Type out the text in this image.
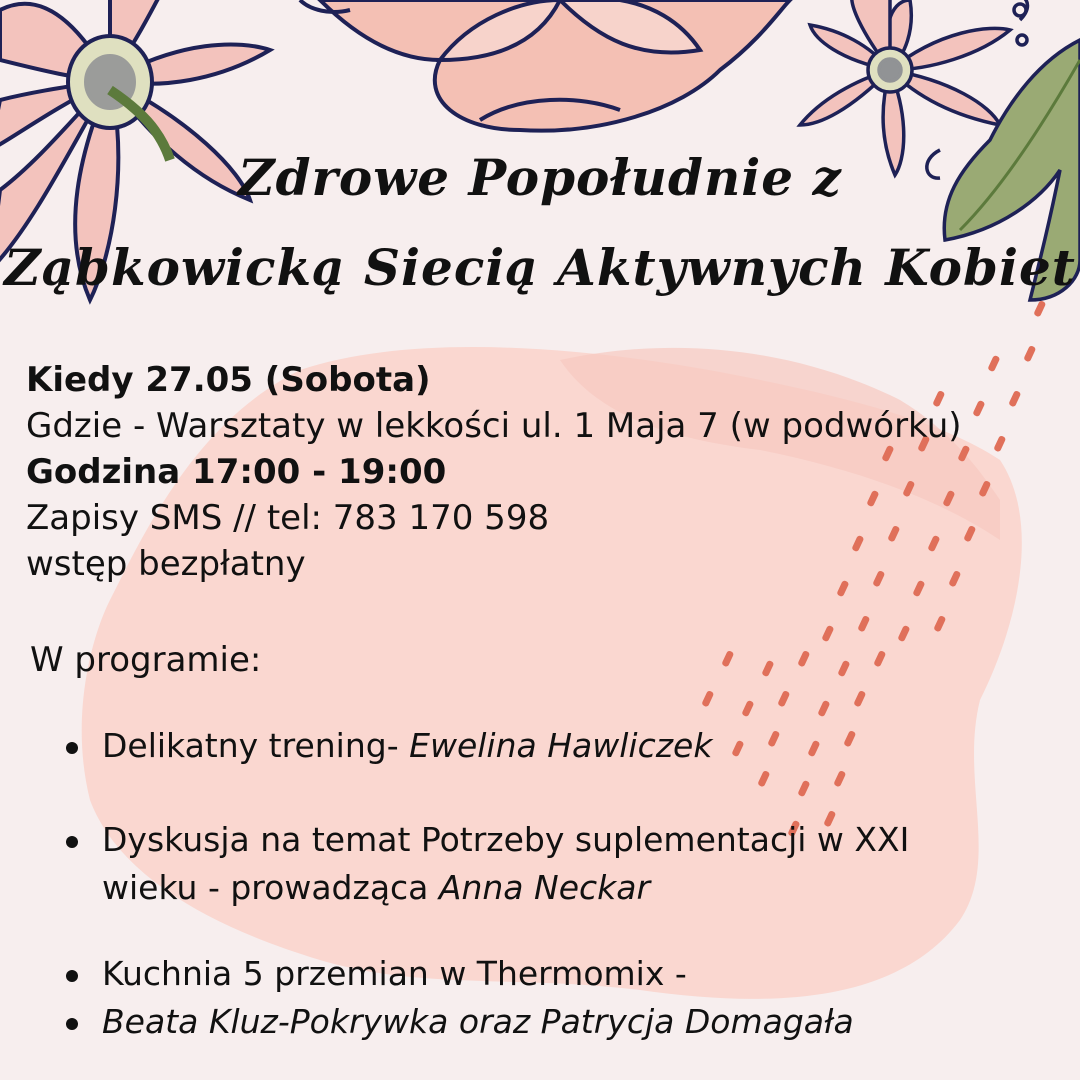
Zdrowe Popołudnie z
Ząbkowicką Siecią Aktywnych Kobiet
Kiedy 27.05 (Sobota)
Gdzie - Warsztaty w lekkości ul. 1 Maja 7 (w podwórku)
Godzina 17:00 - 19:00
Zapisy SMS // tel: 783 170 598
wstęp bezpłatny
W programie:
Delikatny trening- Ewelina Hawliczek
Dyskusja na temat Potrzeby suplementacji w XXI
wieku - prowadząca Anna Neckar
Kuchnia 5 przemian w Thermomix -
Beata Kluz-Pokrywka oraz Patrycja Domagała
